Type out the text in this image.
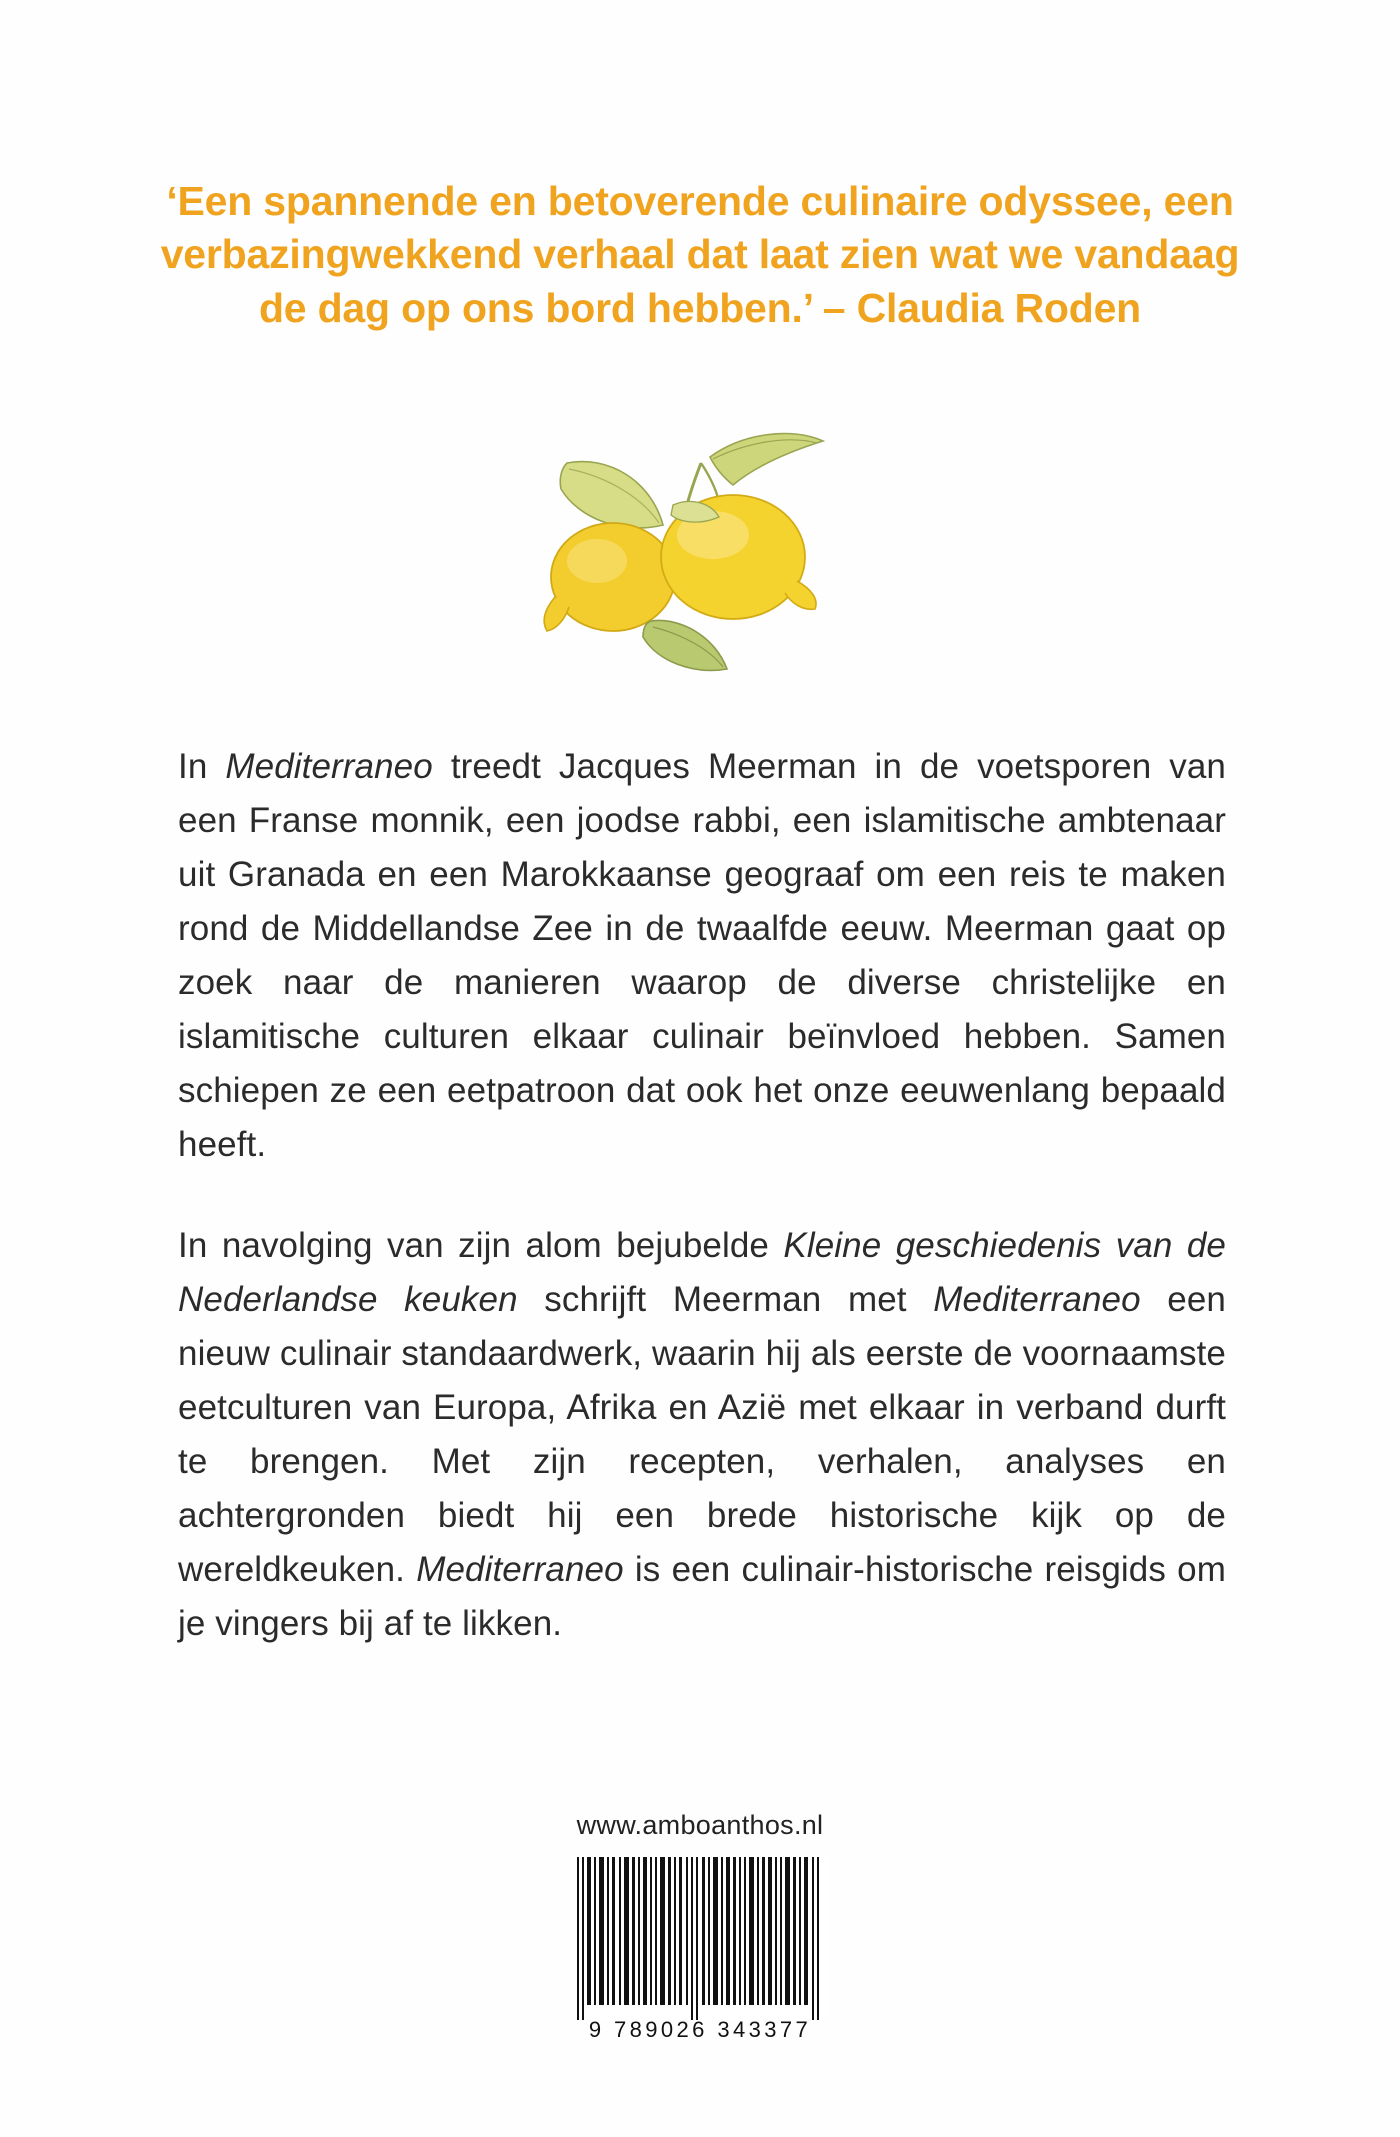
‘Een spannende en betoverende culinaire odyssee, een verbazingwekkend verhaal dat laat zien wat we vandaag de dag op ons bord hebben.’ – Claudia Roden

In Mediterraneo treedt Jacques Meerman in de voetsporen van een Franse monnik, een joodse rabbi, een islamitische ambtenaar uit Granada en een Marokkaanse geograaf om een reis te maken rond de Middellandse Zee in de twaalfde eeuw. Meerman gaat op zoek naar de manieren waarop de diverse christelijke en islamitische culturen elkaar culinair beïnvloed hebben. Samen schiepen ze een eetpatroon dat ook het onze eeuwenlang bepaald heeft.

In navolging van zijn alom bejubelde Kleine geschiedenis van de Nederlandse keuken schrijft Meerman met Mediterraneo een nieuw culinair standaardwerk, waarin hij als eerste de voornaamste eetculturen van Europa, Afrika en Azië met elkaar in verband durft te brengen. Met zijn recepten, verhalen, analyses en achtergronden biedt hij een brede historische kijk op de wereldkeuken. Mediterraneo is een culinair-historische reisgids om je vingers bij af te likken.

www.amboanthos.nl
9 789026 343377
